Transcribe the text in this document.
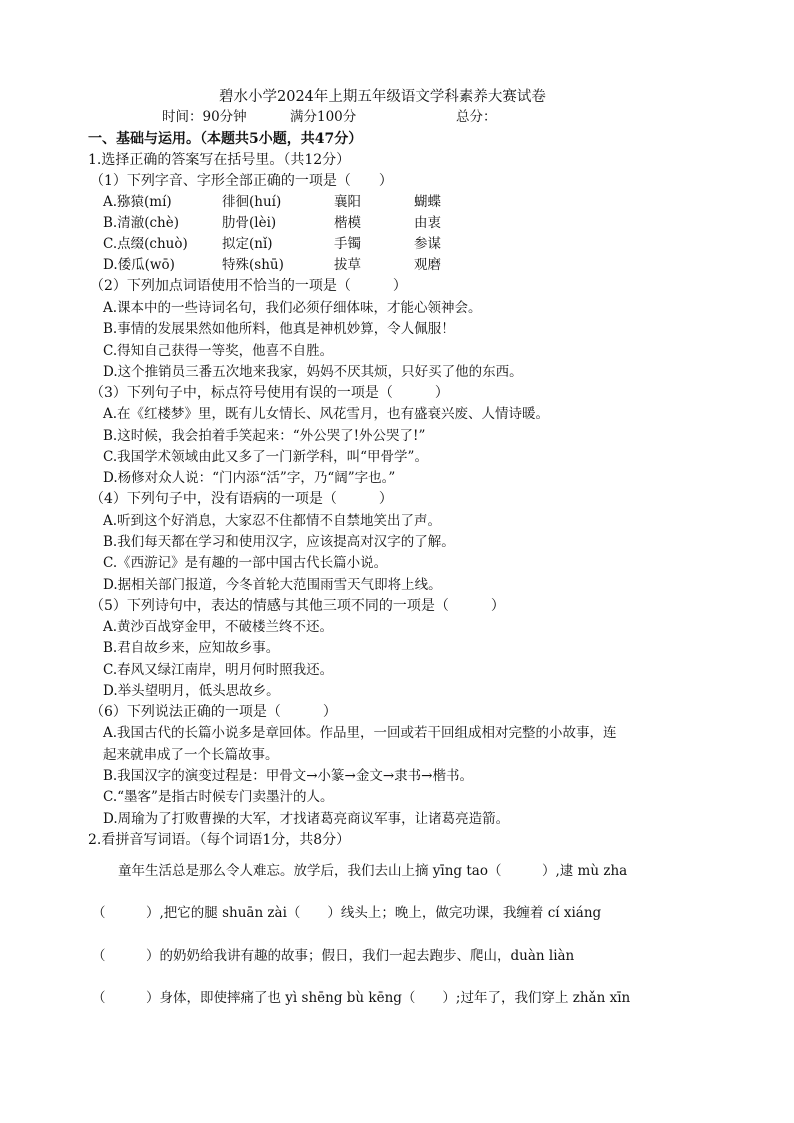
碧水小学2024年上期五年级语文学科素养大赛试卷
时间：90分钟	满分100分	总分：
一、基础与运用。（本题共5小题，共47分）
1.选择正确的答案写在括号里。（共12分）
（1）下列字音、字形全部正确的一项是（　　）
A.猕猿(mí)	徘徊(huí)	襄阳	蝴蝶
B.清澈(chè)	肋骨(lèi)	楷模	由衷
C.点缀(chuò)	拟定(nǐ)	手镯	参谋
D.倭瓜(wō)	特殊(shū)	拔草	观磨
（2）下列加点词语使用不恰当的一项是（　　　）
A.课本中的一些诗词名句，我们必须仔细体味，才能心领神会。
B.事情的发展果然如他所料，他真是神机妙算，令人佩服！
C.得知自己获得一等奖，他喜不自胜。
D.这个推销员三番五次地来我家，妈妈不厌其烦，只好买了他的东西。
（3）下列句子中，标点符号使用有误的一项是（　　　）
A.在《红楼梦》里，既有儿女情长、风花雪月，也有盛衰兴废、人情诗暖。
B.这时候，我会拍着手笑起来：“外公哭了!外公哭了!”
C.我国学术领域由此又多了一门新学科，叫“甲骨学”。
D.杨修对众人说：“门内添“活”字，乃“阔”字也。”
（4）下列句子中，没有语病的一项是（　　　）
A.听到这个好消息，大家忍不住都情不自禁地笑出了声。
B.我们每天都在学习和使用汉字，应该提高对汉字的了解。
C.《西游记》是有趣的一部中国古代长篇小说。
D.据相关部门报道，今冬首轮大范围雨雪天气即将上线。
（5）下列诗句中，表达的情感与其他三项不同的一项是（　　　）
A.黄沙百战穿金甲，不破楼兰终不还。
B.君自故乡来，应知故乡事。
C.春风又绿江南岸，明月何时照我还。
D.举头望明月，低头思故乡。
（6）下列说法正确的一项是（　　　）
A.我国古代的长篇小说多是章回体。作品里，一回或若干回组成相对完整的小故事，连
起来就串成了一个长篇故事。
B.我国汉字的演变过程是：甲骨文→小篆→金文→隶书→楷书。
C.“墨客”是指古时候专门卖墨汁的人。
D.周瑜为了打败曹操的大军，才找诸葛亮商议军事，让诸葛亮造箭。
2.看拼音写词语。（每个词语1分，共8分）
童年生活总是那么令人难忘。放学后，我们去山上摘 yīng tao（　　　）,逮 mù zha
（　　　）,把它的腿 shuān zài（　　）线头上；晚上，做完功课，我缠着 cí xiáng
（　　　）的奶奶给我讲有趣的故事；假日，我们一起去跑步、爬山，duàn liàn
（　　　）身体，即使摔痛了也 yì shēng bù kēng（　　）;过年了，我们穿上 zhǎn xīn
